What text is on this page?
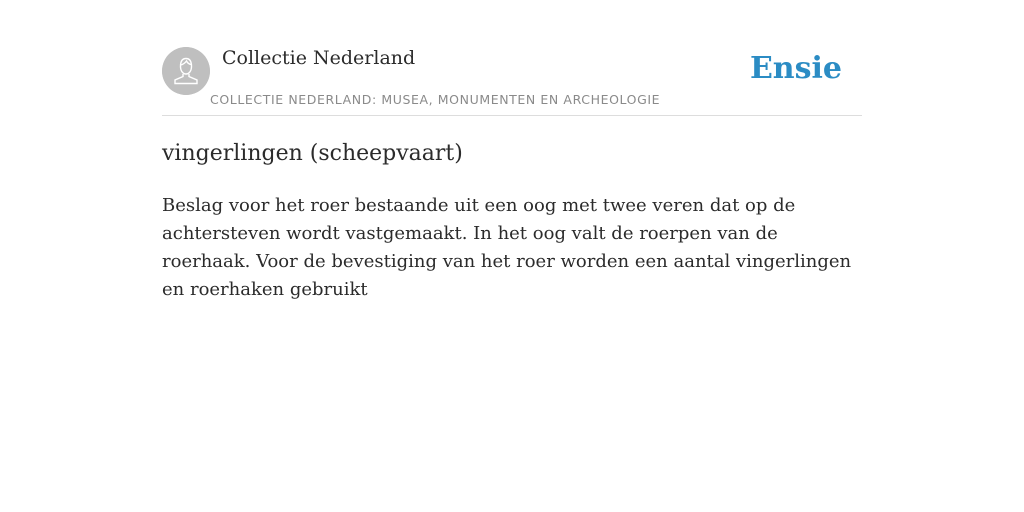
Collectie Nederland
COLLECTIE NEDERLAND: MUSEA, MONUMENTEN EN ARCHEOLOGIE
Ensie
vingerlingen (scheepvaart)

Beslag voor het roer bestaande uit een oog met twee veren dat op de achtersteven wordt vastgemaakt. In het oog valt de roerpen van de roerhaak. Voor de bevestiging van het roer worden een aantal vingerlingen en roerhaken gebruikt
